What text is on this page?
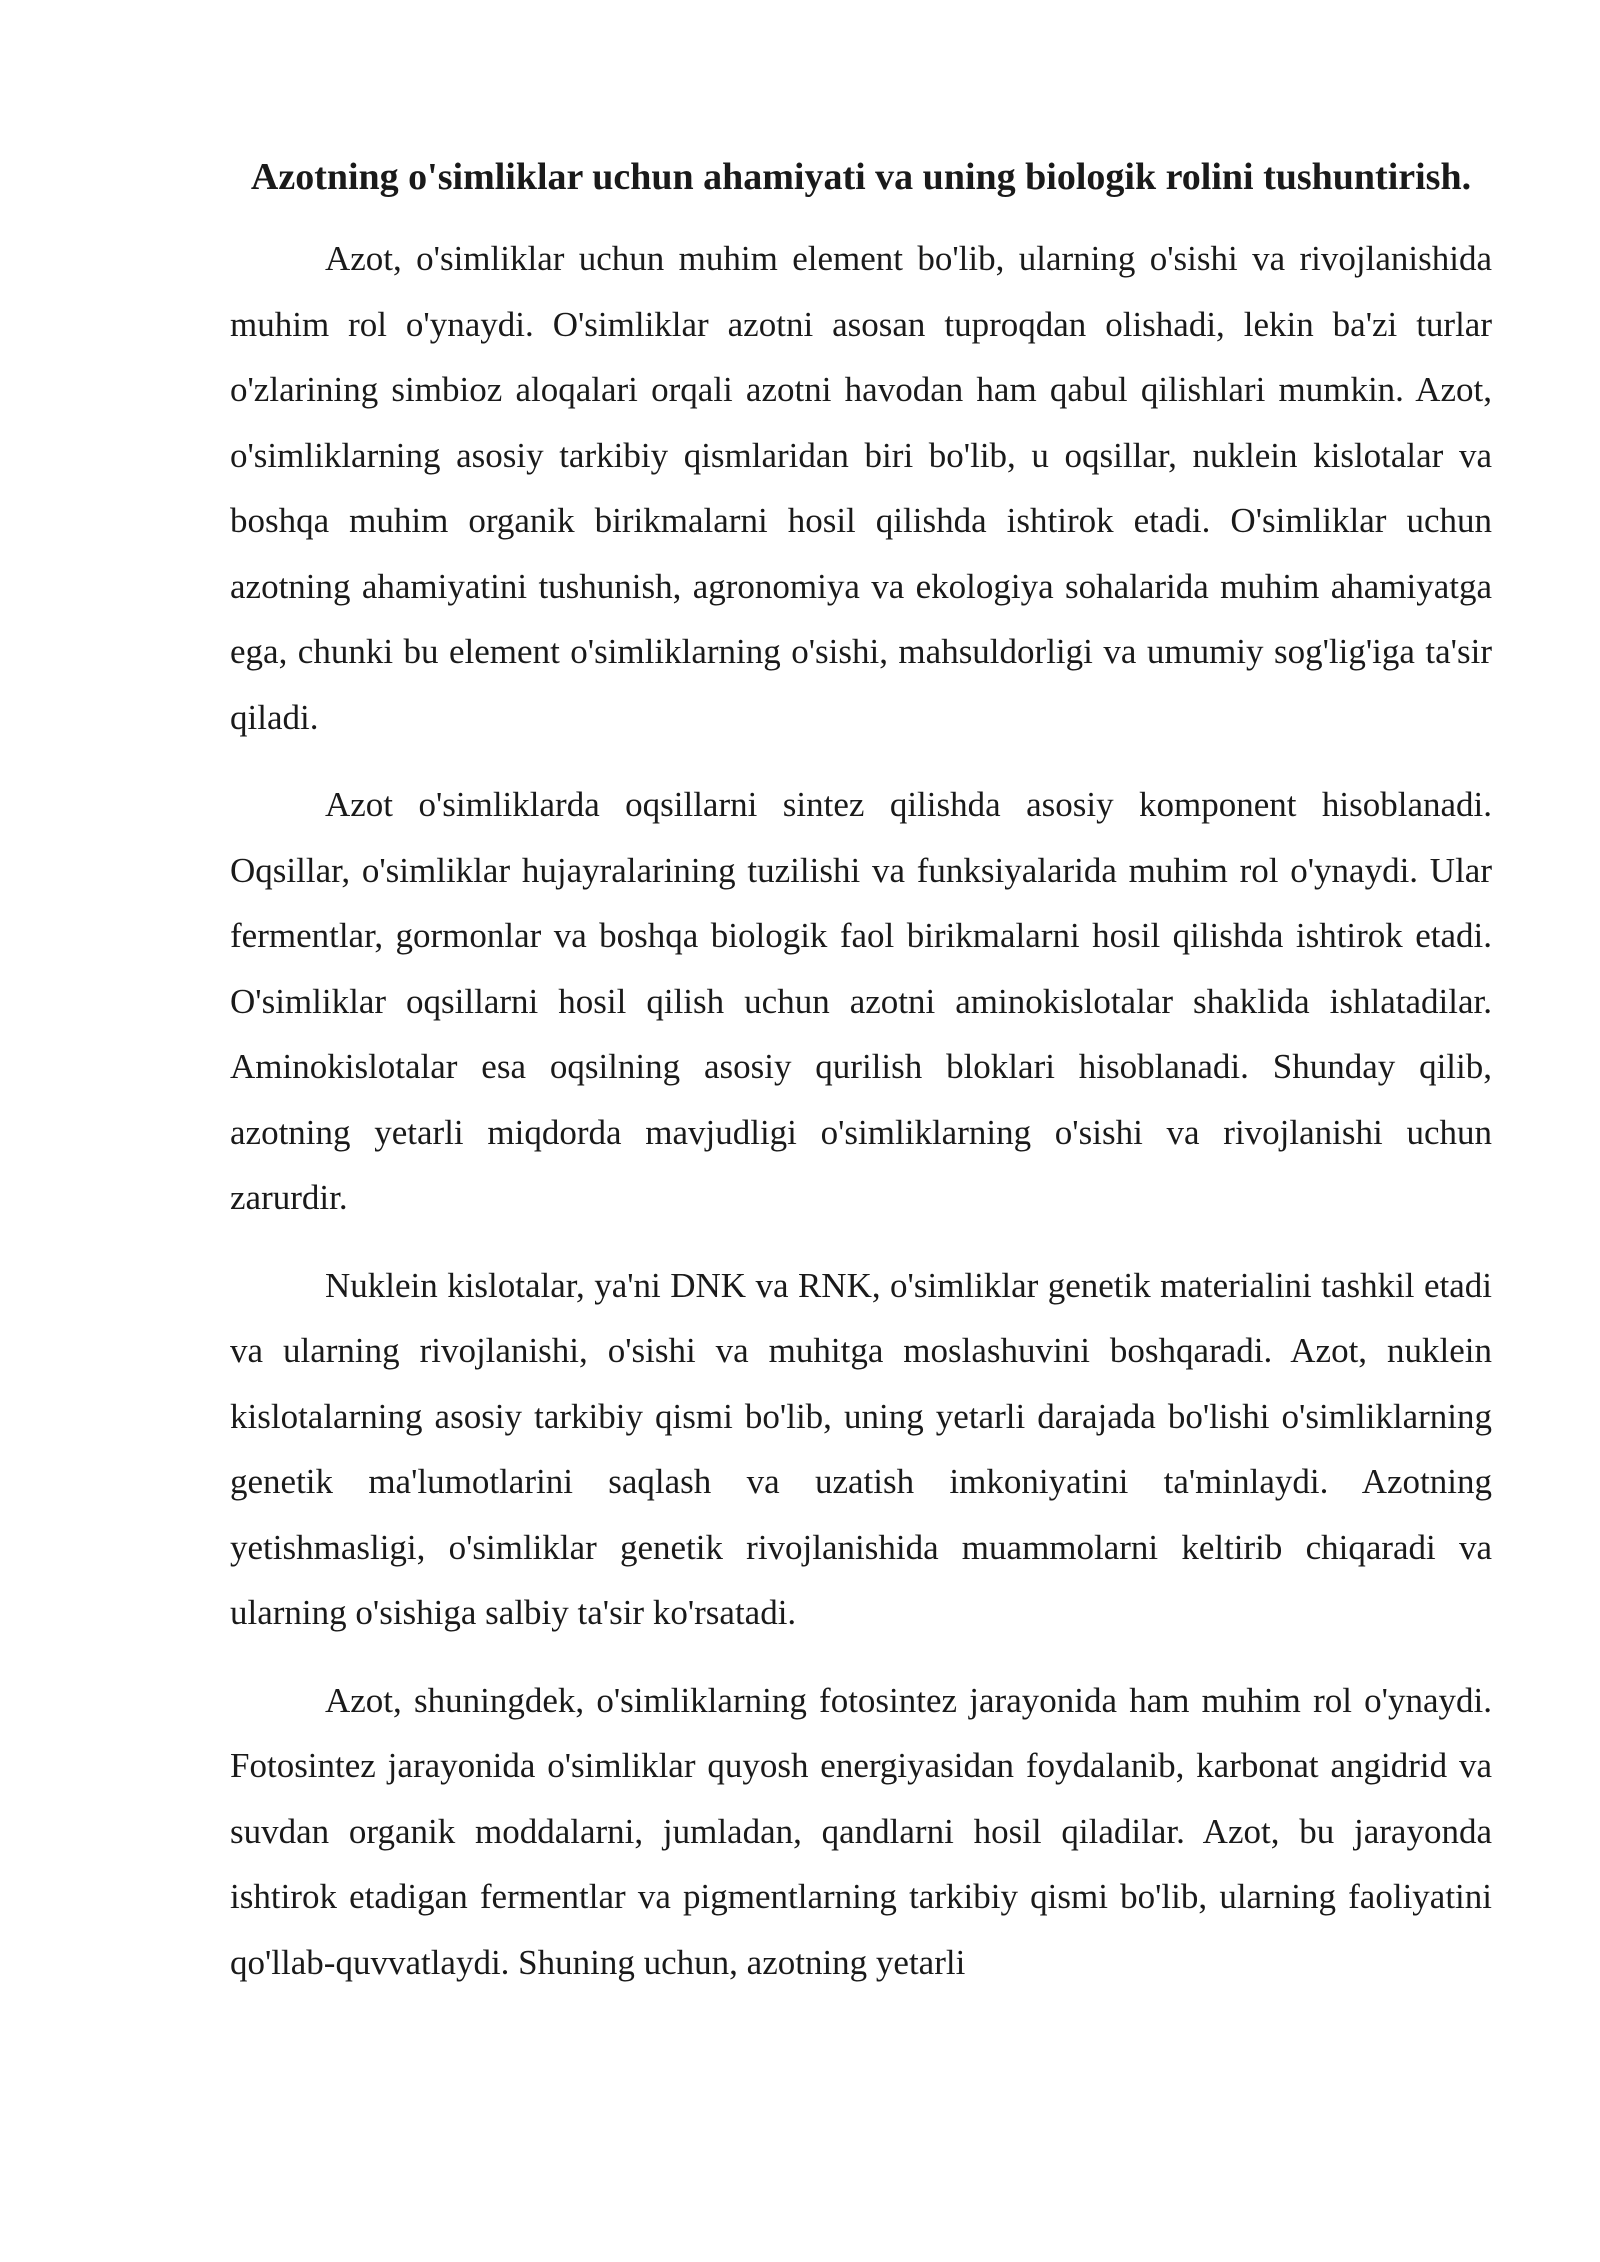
Azotning o'simliklar uchun ahamiyati va uning biologik rolini tushuntirish.

Azot, o'simliklar uchun muhim element bo'lib, ularning o'sishi va rivojlanishida muhim rol o'ynaydi. O'simliklar azotni asosan tuproqdan olishadi, lekin ba'zi turlar o'zlarining simbioz aloqalari orqali azotni havodan ham qabul qilishlari mumkin. Azot, o'simliklarning asosiy tarkibiy qismlaridan biri bo'lib, u oqsillar, nuklein kislotalar va boshqa muhim organik birikmalarni hosil qilishda ishtirok etadi. O'simliklar uchun azotning ahamiyatini tushunish, agronomiya va ekologiya sohalarida muhim ahamiyatga ega, chunki bu element o'simliklarning o'sishi, mahsuldorligi va umumiy sog'lig'iga ta'sir qiladi.

Azot o'simliklarda oqsillarni sintez qilishda asosiy komponent hisoblanadi. Oqsillar, o'simliklar hujayralarining tuzilishi va funksiyalarida muhim rol o'ynaydi. Ular fermentlar, gormonlar va boshqa biologik faol birikmalarni hosil qilishda ishtirok etadi. O'simliklar oqsillarni hosil qilish uchun azotni aminokislotalar shaklida ishlatadilar. Aminokislotalar esa oqsilning asosiy qurilish bloklari hisoblanadi. Shunday qilib, azotning yetarli miqdorda mavjudligi o'simliklarning o'sishi va rivojlanishi uchun zarurdir.

Nuklein kislotalar, ya'ni DNK va RNK, o'simliklar genetik materialini tashkil etadi va ularning rivojlanishi, o'sishi va muhitga moslashuvini boshqaradi. Azot, nuklein kislotalarning asosiy tarkibiy qismi bo'lib, uning yetarli darajada bo'lishi o'simliklarning genetik ma'lumotlarini saqlash va uzatish imkoniyatini ta'minlaydi. Azotning yetishmasligi, o'simliklar genetik rivojlanishida muammolarni keltirib chiqaradi va ularning o'sishiga salbiy ta'sir ko'rsatadi.

Azot, shuningdek, o'simliklarning fotosintez jarayonida ham muhim rol o'ynaydi. Fotosintez jarayonida o'simliklar quyosh energiyasidan foydalanib, karbonat angidrid va suvdan organik moddalarni, jumladan, qandlarni hosil qiladilar. Azot, bu jarayonda ishtirok etadigan fermentlar va pigmentlarning tarkibiy qismi bo'lib, ularning faoliyatini qo'llab-quvvatlaydi. Shuning uchun, azotning yetarli
